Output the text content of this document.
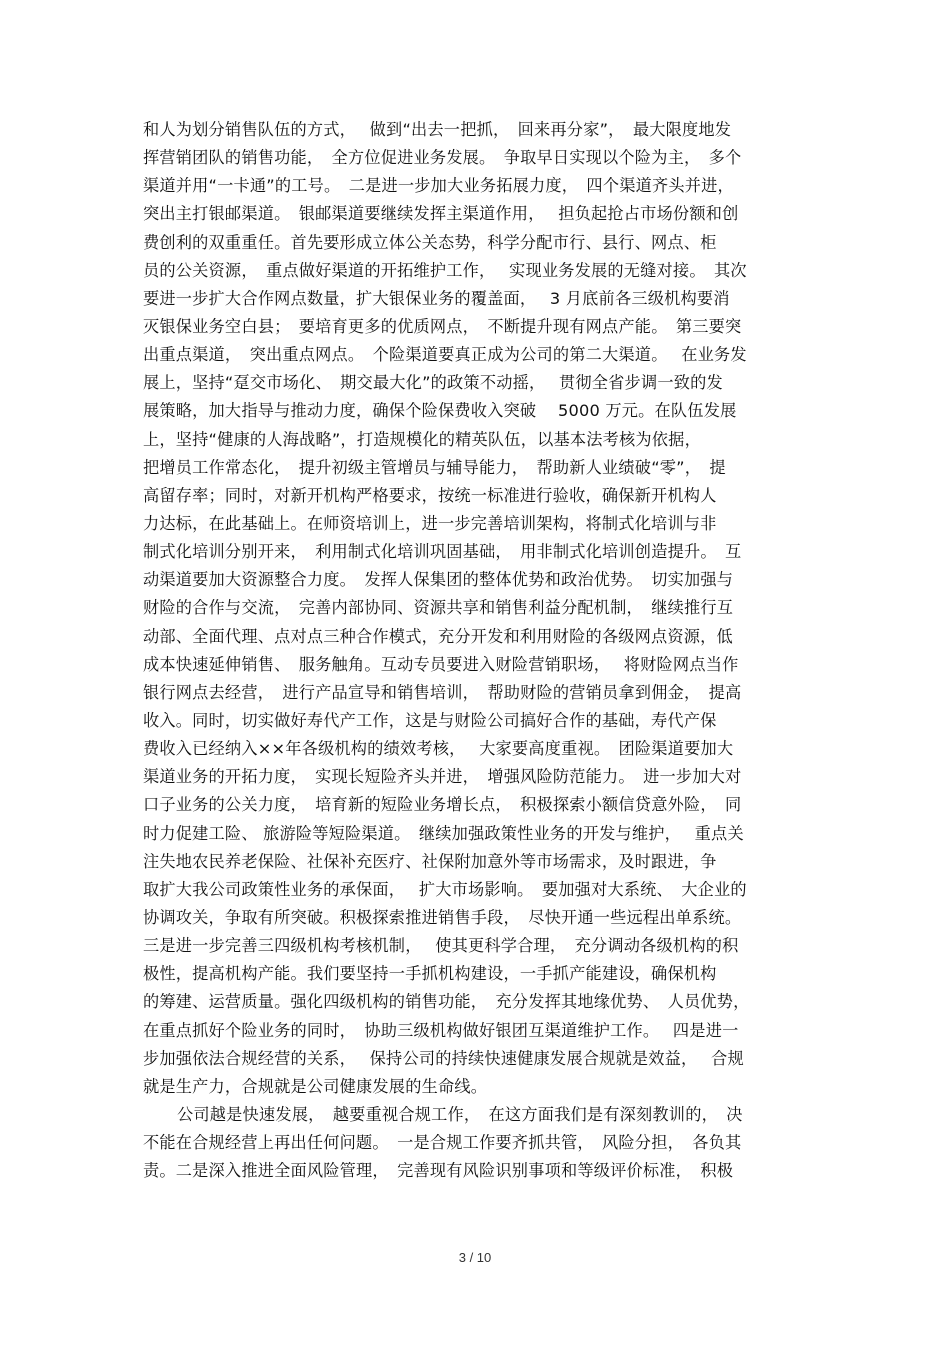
和人为划分销售队伍的方式，　 做到“出去一把抓，　回来再分家”，　最大限度地发
挥营销团队的销售功能，　全方位促进业务发展。　争取早日实现以个险为主，　多个
渠道并用“一卡通”的工号。　二是进一步加大业务拓展力度，　四个渠道齐头并进，
突出主打银邮渠道。　银邮渠道要继续发挥主渠道作用，　 担负起抢占市场份额和创
费创利的双重重任。首先要形成立体公关态势，科学分配市行、县行、网点、柜
员的公关资源，　重点做好渠道的开拓维护工作，　 实现业务发展的无缝对接。　其次
要进一步扩大合作网点数量，扩大银保业务的覆盖面，　 3 月底前各三级机构要消
灭银保业务空白县；　要培育更多的优质网点，　不断提升现有网点产能。　第三要突
出重点渠道，　突出重点网点。　个险渠道要真正成为公司的第二大渠道。　 在业务发
展上，坚持“趸交市场化、　期交最大化”的政策不动摇，　 贯彻全省步调一致的发
展策略，加大指导与推动力度，确保个险保费收入突破　 5000 万元。在队伍发展
上，坚持“健康的人海战略”，打造规模化的精英队伍，以基本法考核为依据，
把增员工作常态化，　提升初级主管增员与辅导能力，　帮助新人业绩破“零”，　提
高留存率；同时，对新开机构严格要求，按统一标准进行验收，确保新开机构人
力达标，在此基础上。在师资培训上，进一步完善培训架构，将制式化培训与非
制式化培训分别开来，　利用制式化培训巩固基础，　用非制式化培训创造提升。　互
动渠道要加大资源整合力度。　发挥人保集团的整体优势和政治优势。　切实加强与
财险的合作与交流，　完善内部协同、资源共享和销售利益分配机制，　继续推行互
动部、全面代理、点对点三种合作模式，充分开发和利用财险的各级网点资源，低
成本快速延伸销售、　服务触角。互动专员要进入财险营销职场，　 将财险网点当作
银行网点去经营，　进行产品宣导和销售培训，　帮助财险的营销员拿到佣金，　提高
收入。同时，切实做好寿代产工作，这是与财险公司搞好合作的基础，寿代产保
费收入已经纳入××年各级机构的绩效考核，　 大家要高度重视。　团险渠道要加大
渠道业务的开拓力度，　实现长短险齐头并进，　增强风险防范能力。　进一步加大对
口子业务的公关力度，　培育新的短险业务增长点，　积极探索小额信贷意外险，　同
时力促建工险、 旅游险等短险渠道。　继续加强政策性业务的开发与维护，　 重点关
注失地农民养老保险、社保补充医疗、社保附加意外等市场需求，及时跟进，争
取扩大我公司政策性业务的承保面，　 扩大市场影响。　要加强对大系统、　大企业的
协调攻关，争取有所突破。积极探索推进销售手段，　尽快开通一些远程出单系统。
三是进一步完善三四级机构考核机制，　 使其更科学合理，　充分调动各级机构的积
极性，提高机构产能。我们要坚持一手抓机构建设，一手抓产能建设，确保机构
的筹建、运营质量。强化四级机构的销售功能，　充分发挥其地缘优势、　人员优势，
在重点抓好个险业务的同时，　协助三级机构做好银团互渠道维护工作。　 四是进一
步加强依法合规经营的关系，　 保持公司的持续快速健康发展合规就是效益，　 合规
就是生产力，合规就是公司健康发展的生命线。
公司越是快速发展，　越要重视合规工作，　在这方面我们是有深刻教训的，　决
不能在合规经营上再出任何问题。　一是合规工作要齐抓共管，　风险分担，　各负其
责。二是深入推进全面风险管理，　完善现有风险识别事项和等级评价标准，　积极
3 / 10
